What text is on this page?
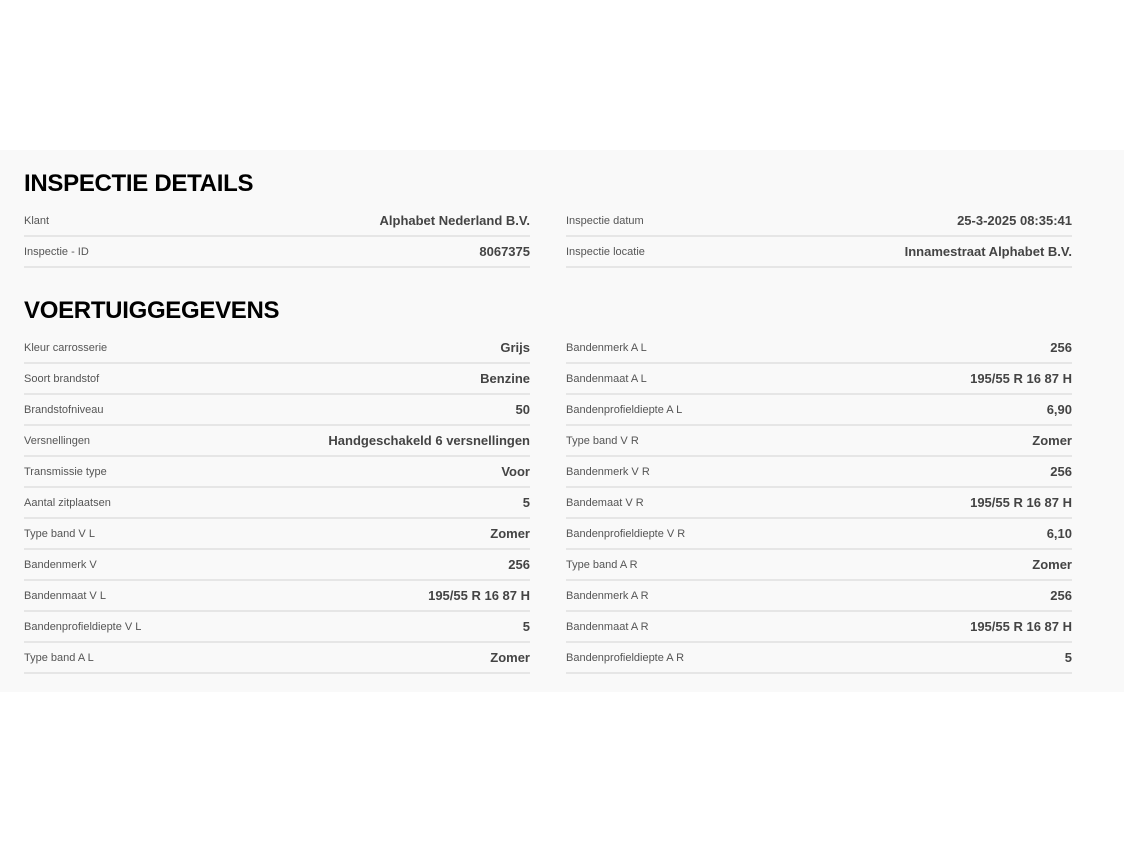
INSPECTIE DETAILS
Klant	Alphabet Nederland B.V.
Inspectie - ID	8067375
Inspectie datum	25-3-2025 08:35:41
Inspectie locatie	Innamestraat Alphabet B.V.
VOERTUIGGEGEVENS
Kleur carrosserie	Grijs
Soort brandstof	Benzine
Brandstofniveau	50
Versnellingen	Handgeschakeld 6 versnellingen
Transmissie type	Voor
Aantal zitplaatsen	5
Type band V L	Zomer
Bandenmerk V	256
Bandenmaat V L	195/55 R 16 87 H
Bandenprofieldiepte V L	5
Type band A L	Zomer
Bandenmerk A L	256
Bandenmaat A L	195/55 R 16 87 H
Bandenprofieldiepte A L	6,90
Type band V R	Zomer
Bandenmerk V R	256
Bandemaat V R	195/55 R 16 87 H
Bandenprofieldiepte V R	6,10
Type band A R	Zomer
Bandenmerk A R	256
Bandenmaat A R	195/55 R 16 87 H
Bandenprofieldiepte A R	5
